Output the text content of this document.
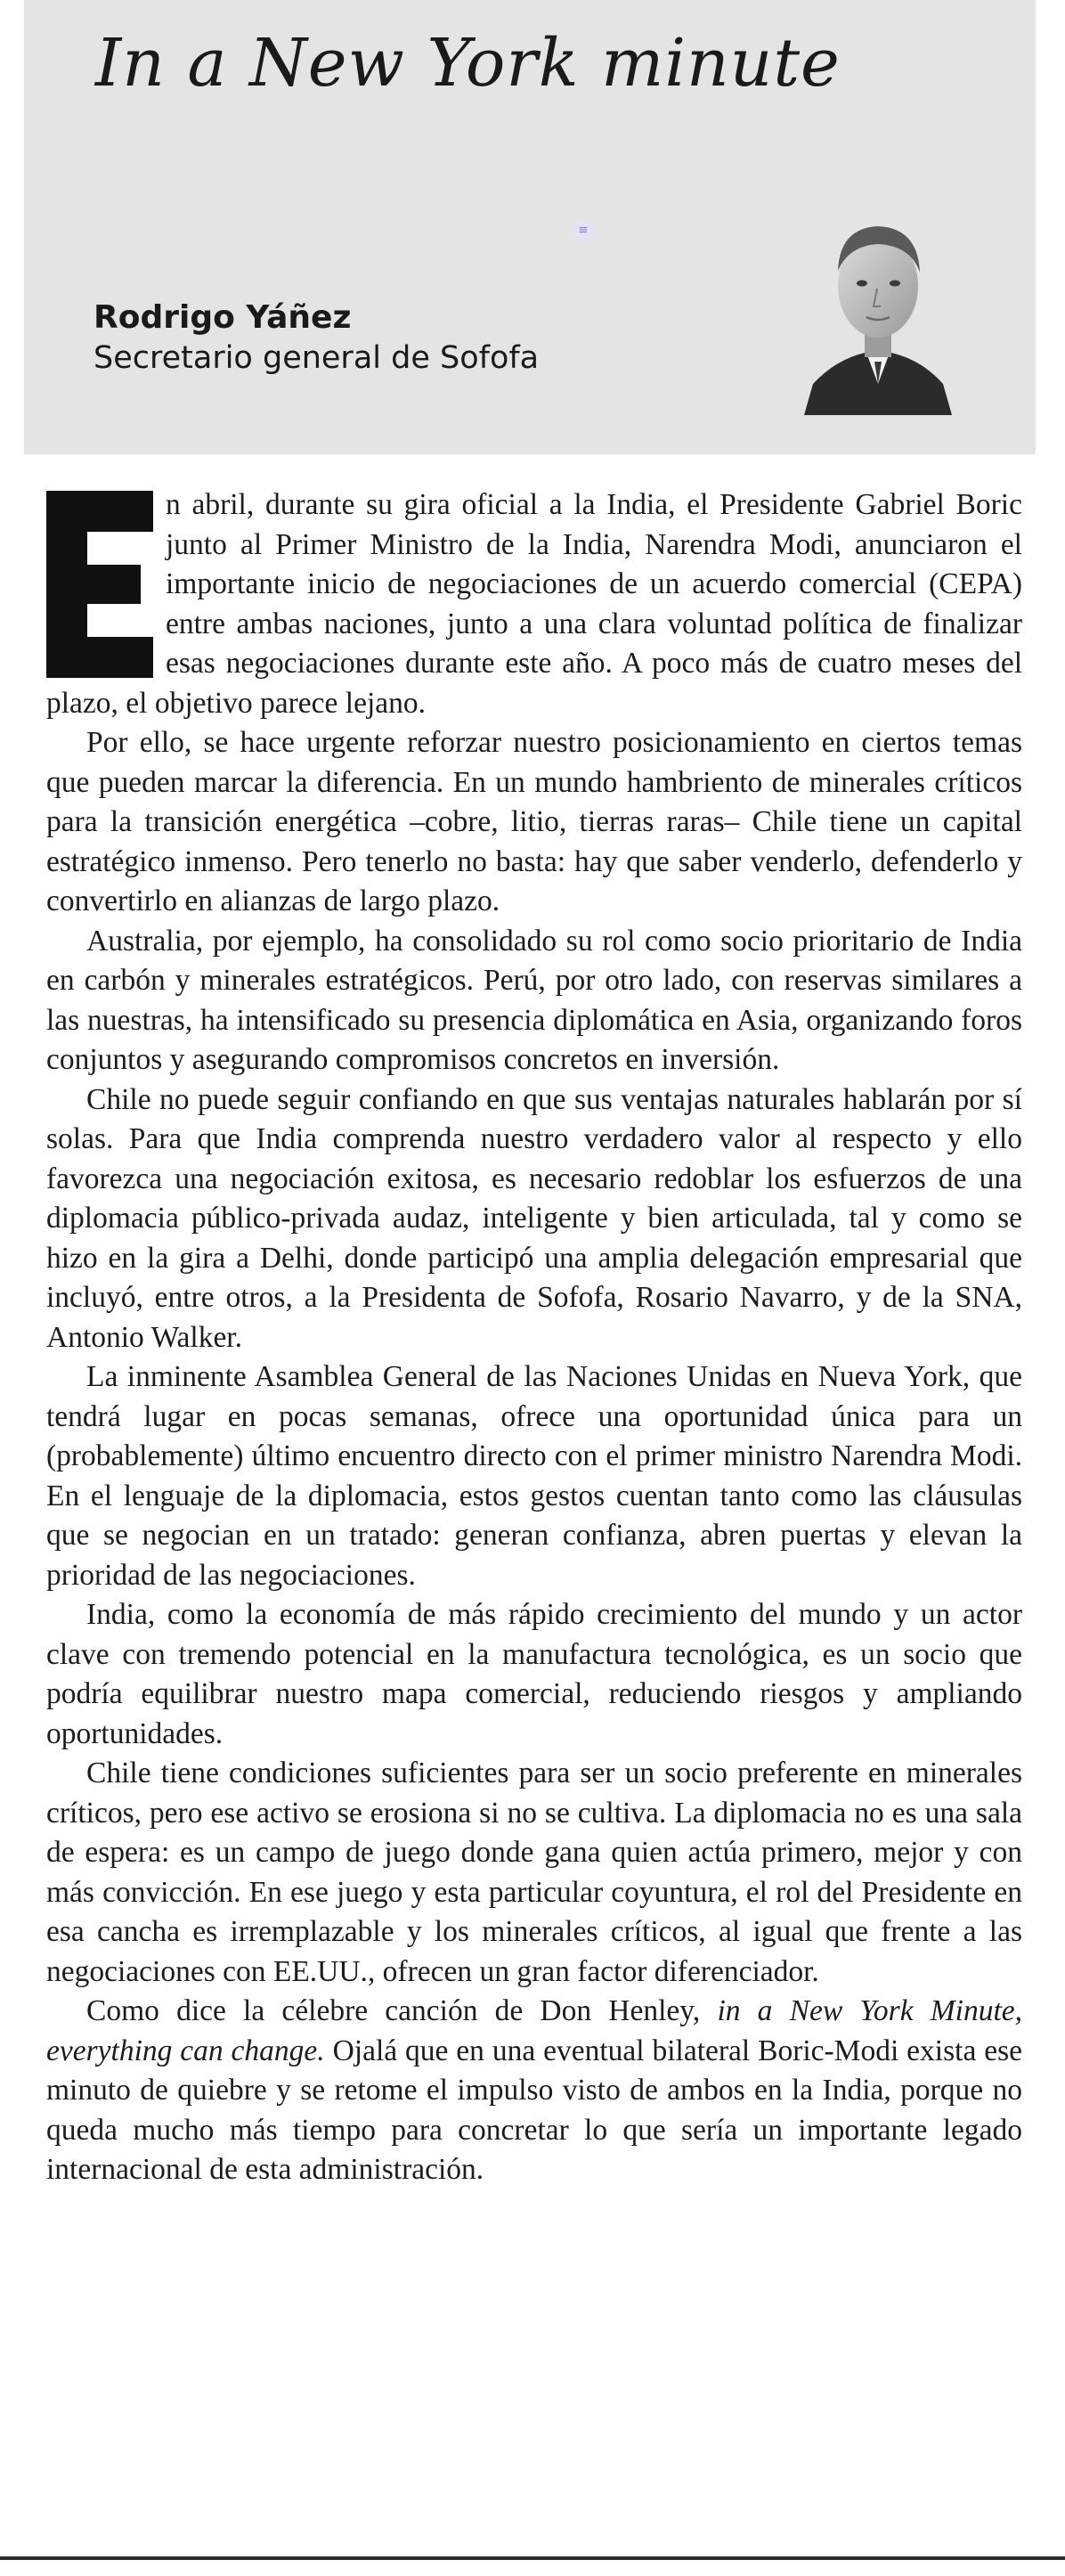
In a New York minute
≡
Rodrigo Yáñez
Secretario general de Sofofa

n abril, durante su gira oficial a la India, el Presidente Gabriel Boric junto al Primer Ministro de la India, Narendra Modi, anunciaron el importante inicio de negociaciones de un acuerdo comercial (CEPA) entre ambas naciones, junto a una clara voluntad política de finalizar esas negociaciones durante este año. A poco más de cuatro meses del plazo, el objetivo parece lejano.

Por ello, se hace urgente reforzar nuestro posicionamiento en ciertos temas que pueden marcar la diferencia. En un mundo hambriento de minerales críticos para la transición energética –cobre, litio, tierras raras– Chile tiene un capital estratégico inmenso. Pero tenerlo no basta: hay que saber venderlo, defenderlo y convertirlo en alianzas de largo plazo.

Australia, por ejemplo, ha consolidado su rol como socio prioritario de India en carbón y minerales estratégicos. Perú, por otro lado, con reservas similares a las nuestras, ha intensificado su presencia diplomática en Asia, organizando foros conjuntos y asegurando compromisos concretos en inversión.

Chile no puede seguir confiando en que sus ventajas naturales hablarán por sí solas. Para que India comprenda nuestro verdadero valor al respecto y ello favorezca una negociación exitosa, es necesario redoblar los esfuerzos de una diplomacia público-privada audaz, inteligente y bien articulada, tal y como se hizo en la gira a Delhi, donde participó una amplia delegación empresarial que incluyó, entre otros, a la Presidenta de Sofofa, Rosario Navarro, y de la SNA, Antonio Walker.

La inminente Asamblea General de las Naciones Unidas en Nueva York, que tendrá lugar en pocas semanas, ofrece una oportunidad única para un (probablemente) último encuentro directo con el primer ministro Narendra Modi. En el lenguaje de la diplomacia, estos gestos cuentan tanto como las cláusulas que se negocian en un tratado: generan confianza, abren puertas y elevan la prioridad de las negociaciones.

India, como la economía de más rápido crecimiento del mundo y un actor clave con tremendo potencial en la manufactura tecnológica, es un socio que podría equilibrar nuestro mapa comercial, reduciendo riesgos y ampliando oportunidades.

Chile tiene condiciones suficientes para ser un socio preferente en minerales críticos, pero ese activo se erosiona si no se cultiva. La diplomacia no es una sala de espera: es un campo de juego donde gana quien actúa primero, mejor y con más convicción. En ese juego y esta particular coyuntura, el rol del Presidente en esa cancha es irremplazable y los minerales críticos, al igual que frente a las negociaciones con EE.UU., ofrecen un gran factor diferenciador.

Como dice la célebre canción de Don Henley, in a New York Minute, everything can change. Ojalá que en una eventual bilateral Boric-Modi exista ese minuto de quiebre y se retome el impulso visto de ambos en la India, porque no queda mucho más tiempo para concretar lo que sería un importante legado internacional de esta administración.
